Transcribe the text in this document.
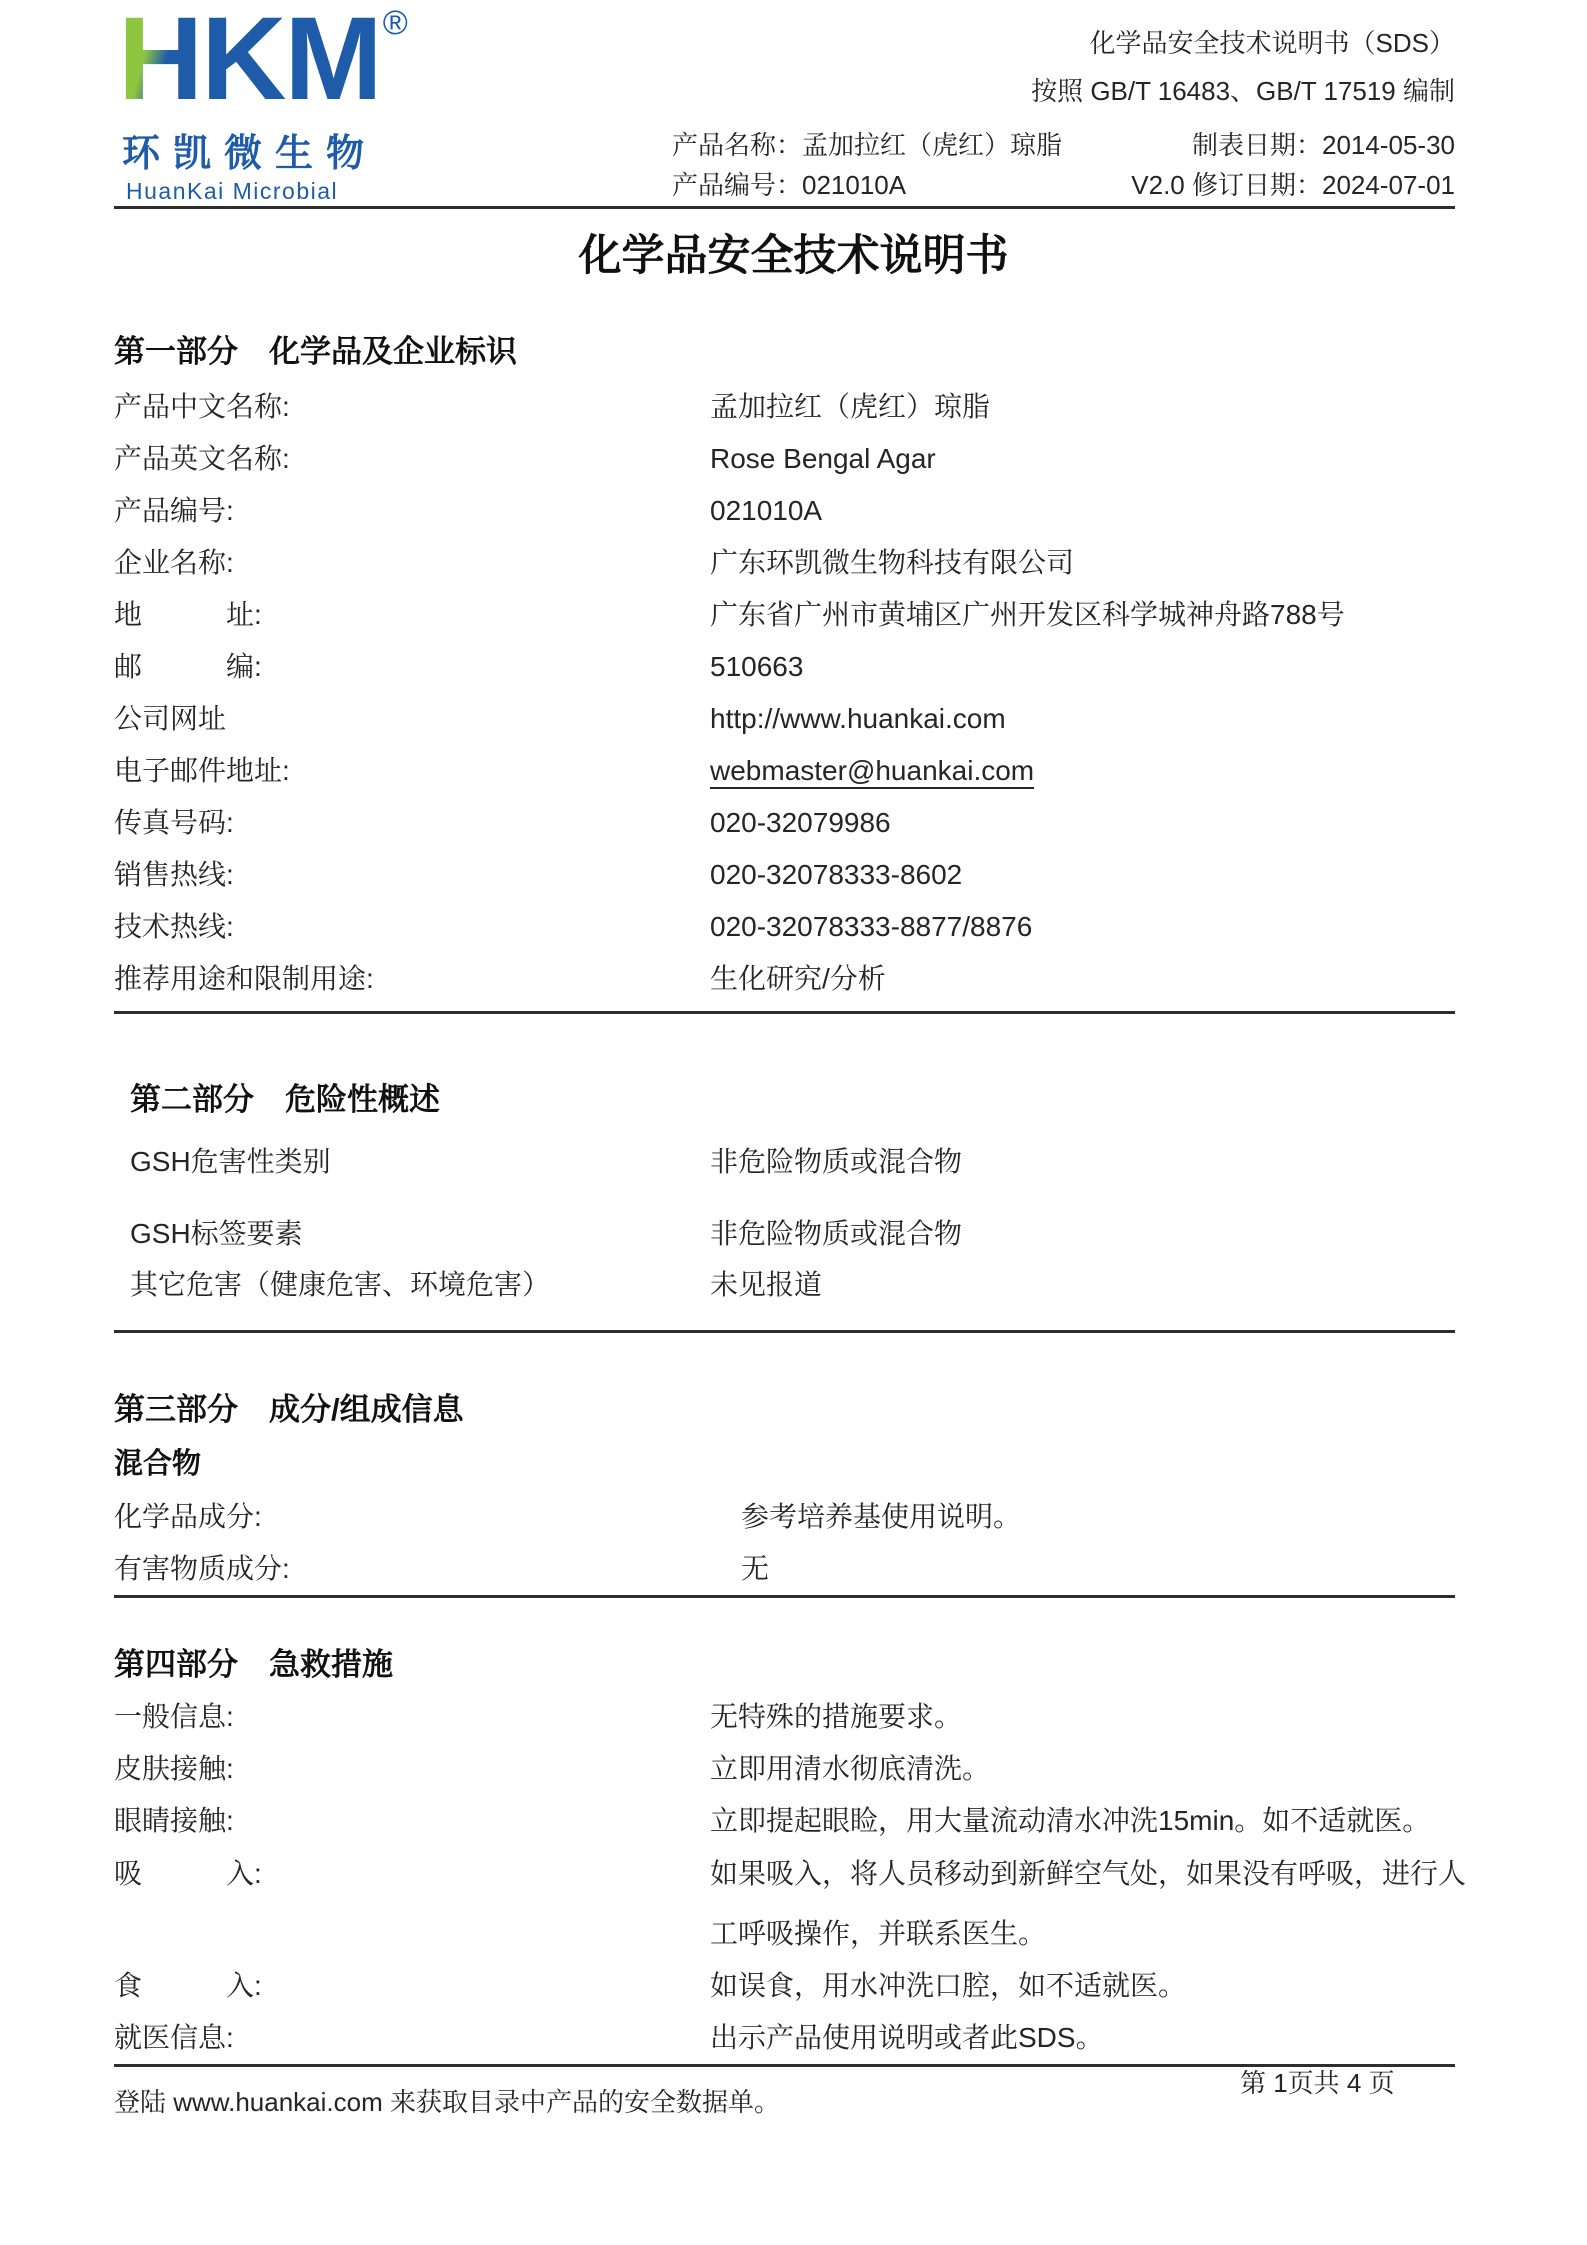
HKM ®
环凯微生物
HuanKai Microbial
产品名称：孟加拉红（虎红）琼脂
产品编号：021010A
化学品安全技术说明书（SDS）
按照 GB/T 16483、GB/T 17519 编制
制表日期：2014-05-30
V2.0 修订日期：2024-07-01
化学品安全技术说明书
第一部分　化学品及企业标识
产品中文名称:	孟加拉红（虎红）琼脂
产品英文名称:	Rose Bengal Agar
产品编号:	021010A
企业名称:	广东环凯微生物科技有限公司
地　　　址:	广东省广州市黄埔区广州开发区科学城神舟路788号
邮　　　编:	510663
公司网址	http://www.huankai.com
电子邮件地址:	webmaster@huankai.com
传真号码:	020-32079986
销售热线:	020-32078333-8602
技术热线:	020-32078333-8877/8876
推荐用途和限制用途:	生化研究/分析
第二部分　危险性概述
GSH危害性类别	非危险物质或混合物
GSH标签要素	非危险物质或混合物
其它危害（健康危害、环境危害）	未见报道
第三部分　成分/组成信息
混合物
化学品成分:	参考培养基使用说明。
有害物质成分:	无
第四部分　急救措施
一般信息:	无特殊的措施要求。
皮肤接触:	立即用清水彻底清洗。
眼睛接触:	立即提起眼睑，用大量流动清水冲洗15min。如不适就医。
吸　　　入:	如果吸入，将人员移动到新鲜空气处，如果没有呼吸，进行人工呼吸操作，并联系医生。
食　　　入:	如误食，用水冲洗口腔，如不适就医。
就医信息:	出示产品使用说明或者此SDS。
第 1页共 4 页
登陆 www.huankai.com 来获取目录中产品的安全数据单。
